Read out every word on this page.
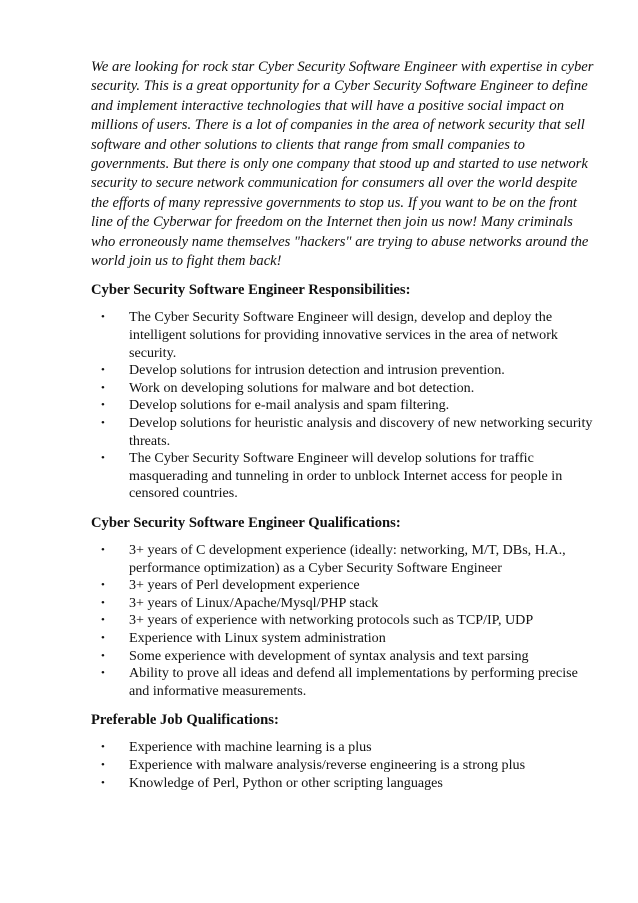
We are looking for rock star Cyber Security Software Engineer with expertise in cyber security. This is a great opportunity for a Cyber Security Software Engineer to define and implement interactive technologies that will have a positive social impact on millions of users. There is a lot of companies in the area of network security that sell software and other solutions to clients that range from small companies to governments. But there is only one company that stood up and started to use network security to secure network communication for consumers all over the world despite the efforts of many repressive governments to stop us. If you want to be on the front line of the Cyberwar for freedom on the Internet then join us now! Many criminals who erroneously name themselves "hackers" are trying to abuse networks around the world join us to fight them back!

Cyber Security Software Engineer Responsibilities:
• The Cyber Security Software Engineer will design, develop and deploy the intelligent solutions for providing innovative services in the area of network security.
• Develop solutions for intrusion detection and intrusion prevention.
• Work on developing solutions for malware and bot detection.
• Develop solutions for e-mail analysis and spam filtering.
• Develop solutions for heuristic analysis and discovery of new networking security threats.
• The Cyber Security Software Engineer will develop solutions for traffic masquerading and tunneling in order to unblock Internet access for people in censored countries.
Cyber Security Software Engineer Qualifications:
• 3+ years of C development experience (ideally: networking, M/T, DBs, H.A., performance optimization) as a Cyber Security Software Engineer
• 3+ years of Perl development experience
• 3+ years of Linux/Apache/Mysql/PHP stack
• 3+ years of experience with networking protocols such as TCP/IP, UDP
• Experience with Linux system administration
• Some experience with development of syntax analysis and text parsing
• Ability to prove all ideas and defend all implementations by performing precise and informative measurements.
Preferable Job Qualifications:
• Experience with machine learning is a plus
• Experience with malware analysis/reverse engineering is a strong plus
• Knowledge of Perl, Python or other scripting languages
